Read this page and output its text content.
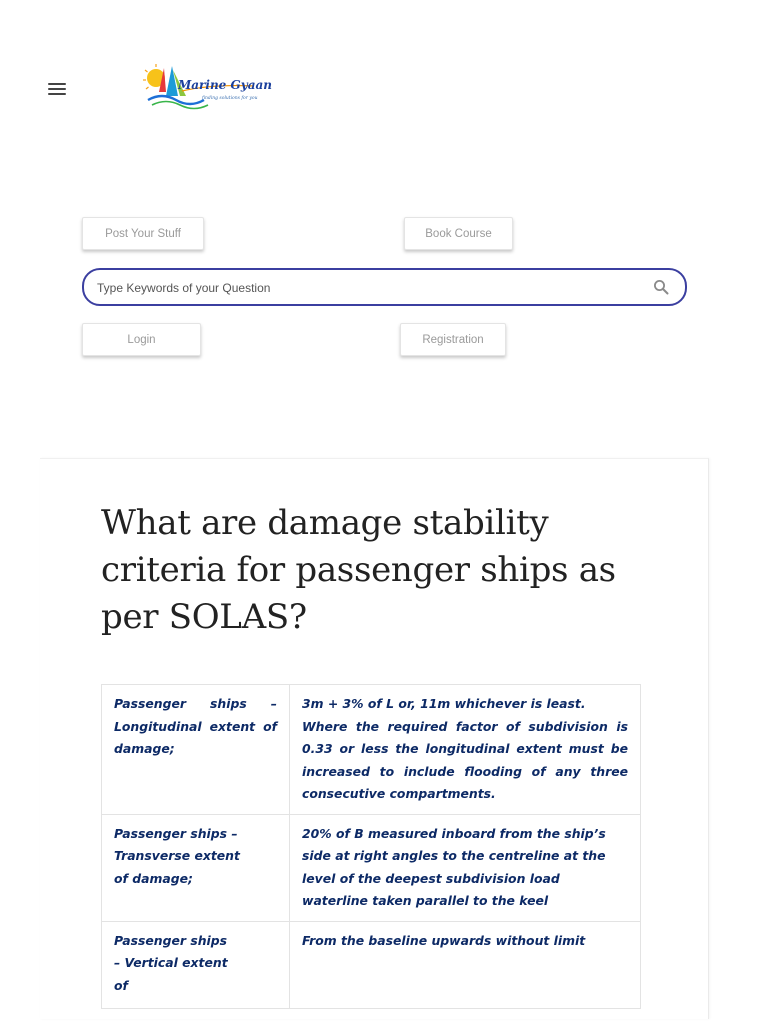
Marine Gyaan
finding solutions for you
Post Your Stuff	Book Course
Type Keywords of your Question
Login	Registration
What are damage stability criteria for passenger ships as per SOLAS?
Passenger ships – Longitudinal extent of damage;	3m + 3% of L or, 11m whichever is least.
Where the required factor of subdivision is 0.33 or less the longitudinal extent must be increased to include flooding of any three consecutive compartments.

Passenger ships – Transverse extent of damage;	20% of B measured inboard from the ship’s side at right angles to the centreline at the level of the deepest subdivision load waterline taken parallel to the keel

Passenger ships – Vertical extent of	From the baseline upwards without limit
